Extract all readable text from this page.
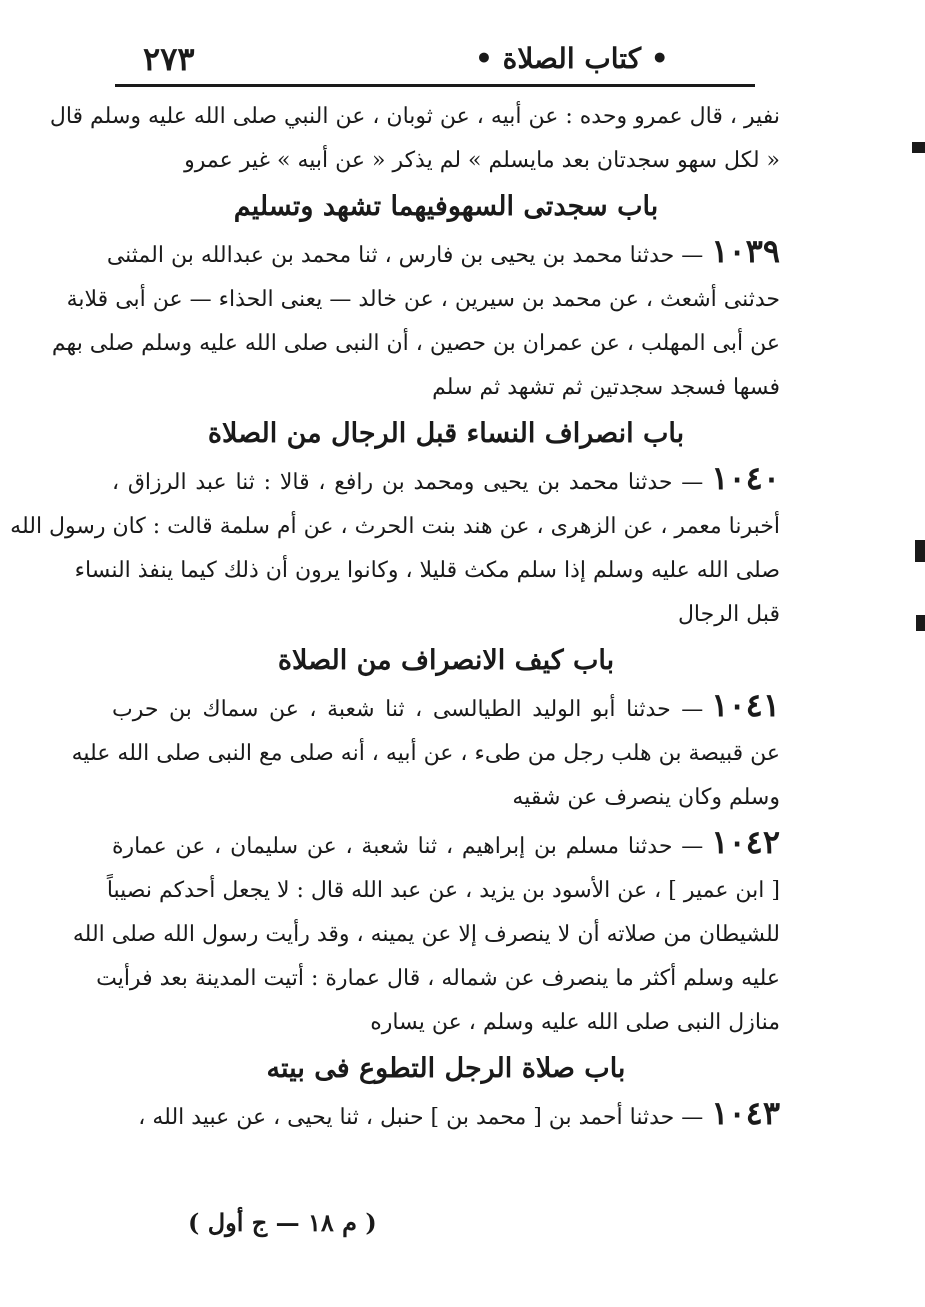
٢٧٣	• كتاب الصلاة •
نفير ، قال عمرو وحده : عن أبيه ، عن ثوبان ، عن النبي صلى الله عليه وسلم قال
« لكل سهو سجدتان بعد مايسلم » لم يذكر « عن أبيه » غير عمرو
باب سجدتى السهوفيهما تشهد وتسليم
١٠٣٩— حدثنا محمد بن يحيى بن فارس ، ثنا محمد بن عبدالله بن المثنى
حدثنى أشعث ، عن محمد بن سيرين ، عن خالد — يعنى الحذاء — عن أبى قلابة
عن أبى المهلب ، عن عمران بن حصين ، أن النبى صلى الله عليه وسلم صلى بهم
فسها فسجد سجدتين ثم تشهد ثم سلم
باب انصراف النساء قبل الرجال من الصلاة
١٠٤٠— حدثنا محمد بن يحيى ومحمد بن رافع ، قالا : ثنا عبد الرزاق ،
أخبرنا معمر ، عن الزهرى ، عن هند بنت الحرث ، عن أم سلمة قالت : كان رسول الله
صلى الله عليه وسلم إذا سلم مكث قليلا ، وكانوا يرون أن ذلك كيما ينفذ النساء
قبل الرجال
باب كيف الانصراف من الصلاة
١٠٤١— حدثنا أبو الوليد الطيالسى ، ثنا شعبة ، عن سماك بن حرب
عن قبيصة بن هلب رجل من طىء ، عن أبيه ، أنه صلى مع النبى صلى الله عليه
وسلم وكان ينصرف عن شقيه
١٠٤٢— حدثنا مسلم بن إبراهيم ، ثنا شعبة ، عن سليمان ، عن عمارة
[ ابن عمير ] ، عن الأسود بن يزيد ، عن عبد الله قال : لا يجعل أحدكم نصيباً
للشيطان من صلاته أن لا ينصرف إلا عن يمينه ، وقد رأيت رسول الله صلى الله
عليه وسلم أكثر ما ينصرف عن شماله ، قال عمارة : أتيت المدينة بعد فرأيت
منازل النبى صلى الله عليه وسلم ، عن يساره
باب صلاة الرجل التطوع فى بيته
١٠٤٣— حدثنا أحمد بن [ محمد بن ] حنبل ، ثنا يحيى ، عن عبيد الله ،
( م ١٨ — ج أول )
